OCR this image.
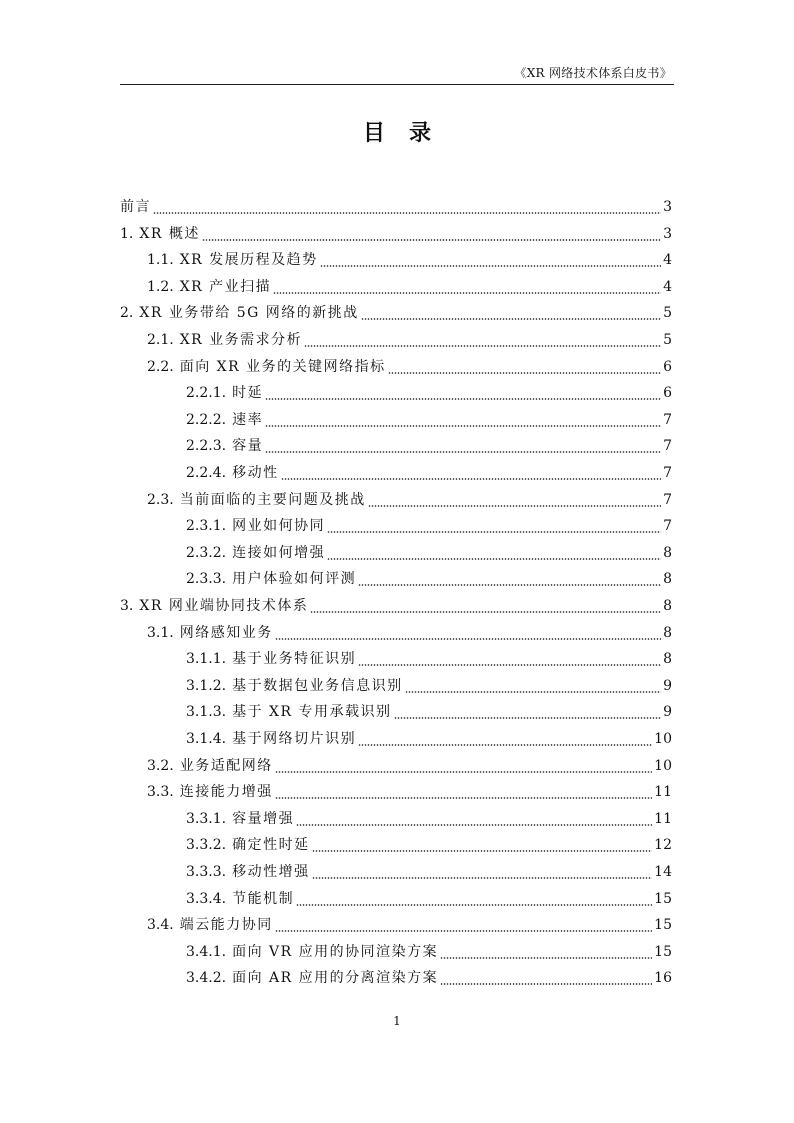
《XR 网络技术体系白皮书》
目录
前言	3
1. XR 概述	3
1.1. XR 发展历程及趋势	4
1.2. XR 产业扫描	4
2. XR 业务带给 5G 网络的新挑战	5
2.1. XR 业务需求分析	5
2.2. 面向 XR 业务的关键网络指标	6
2.2.1. 时延	6
2.2.2. 速率	7
2.2.3. 容量	7
2.2.4. 移动性	7
2.3. 当前面临的主要问题及挑战	7
2.3.1. 网业如何协同	7
2.3.2. 连接如何增强	8
2.3.3. 用户体验如何评测	8
3. XR 网业端协同技术体系	8
3.1. 网络感知业务	8
3.1.1. 基于业务特征识别	8
3.1.2. 基于数据包业务信息识别	9
3.1.3. 基于 XR 专用承载识别	9
3.1.4. 基于网络切片识别	10
3.2. 业务适配网络	10
3.3. 连接能力增强	11
3.3.1. 容量增强	11
3.3.2. 确定性时延	12
3.3.3. 移动性增强	14
3.3.4. 节能机制	15
3.4. 端云能力协同	15
3.4.1. 面向 VR 应用的协同渲染方案	15
3.4.2. 面向 AR 应用的分离渲染方案	16
1
